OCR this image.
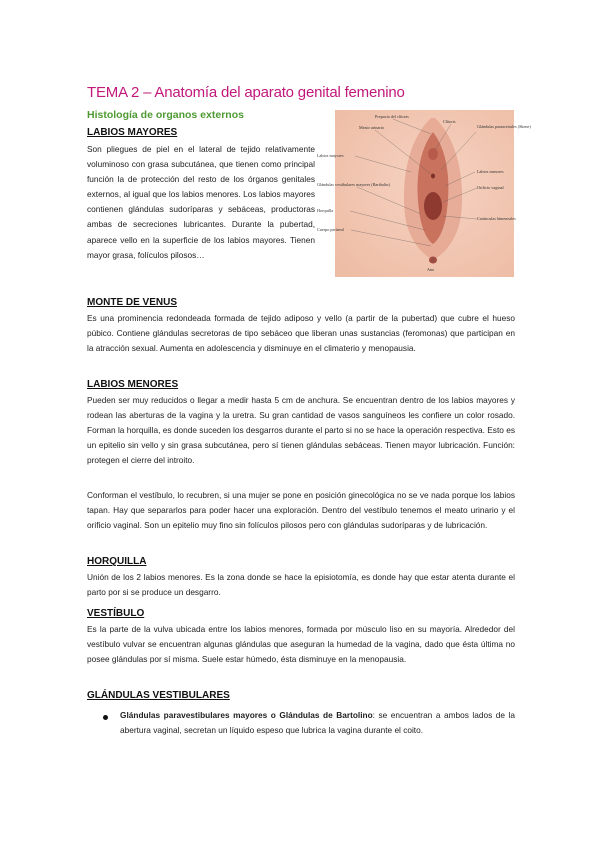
TEMA 2 – Anatomía del aparato genital femenino
Histología de organos externos
LABIOS MAYORES

Son pliegues de piel en el lateral de tejido relativamente voluminoso con grasa subcutánea, que tienen como principal función la de protección del resto de los órganos genitales externos, al igual que los labios menores. Los labios mayores contienen glándulas sudoríparas y sebáceas, productoras ambas de secreciones lubricantes. Durante la pubertad, aparece vello en la superficie de los labios mayores. Tienen mayor grasa, folículos pilosos…

Prepucio del clítoris
Clítoris
Glándulas parauretrales (Skene)
Meato urinario
Labios mayores
Labios menores
Glándulas vestibulares mayores (Bartholin)
Orificio vaginal
Horquilla
Carúnculas himeneales
Cuerpo perineal
Ano
MONTE DE VENUS

Es una prominencia redondeada formada de tejido adiposo y vello (a partir de la pubertad) que cubre el hueso púbico. Contiene glándulas secretoras de tipo sebáceo que liberan unas sustancias (feromonas) que participan en la atracción sexual. Aumenta en adolescencia y disminuye en el climaterio y menopausia.

LABIOS MENORES

Pueden ser muy reducidos o llegar a medir hasta 5 cm de anchura. Se encuentran dentro de los labios mayores y rodean las aberturas de la vagina y la uretra. Su gran cantidad de vasos sanguíneos les confiere un color rosado. Forman la horquilla, es donde suceden los desgarros durante el parto si no se hace la operación respectiva. Esto es un epitelio sin vello y sin grasa subcutánea, pero sí tienen glándulas sebáceas. Tienen mayor lubricación. Función: protegen el cierre del introito.

Conforman el vestíbulo, lo recubren, si una mujer se pone en posición ginecológica no se ve nada porque los labios tapan. Hay que separarlos para poder hacer una exploración. Dentro del vestíbulo tenemos el meato urinario y el orificio vaginal. Son un epitelio muy fino sin folículos pilosos pero con glándulas sudoríparas y de lubricación.

HORQUILLA

Unión de los 2 labios menores. Es la zona donde se hace la episiotomía, es donde hay que estar atenta durante el parto por si se produce un desgarro.

VESTÍBULO

Es la parte de la vulva ubicada entre los labios menores, formada por músculo liso en su mayoría. Alrededor del vestíbulo vulvar se encuentran algunas glándulas que aseguran la humedad de la vagina, dado que ésta última no posee glándulas por sí misma. Suele estar húmedo, ésta disminuye en la menopausia.

GLÁNDULAS VESTIBULARES

Glándulas paravestibulares mayores o Glándulas de Bartolino: se encuentran a ambos lados de la abertura vaginal, secretan un líquido espeso que lubrica la vagina durante el coito.
